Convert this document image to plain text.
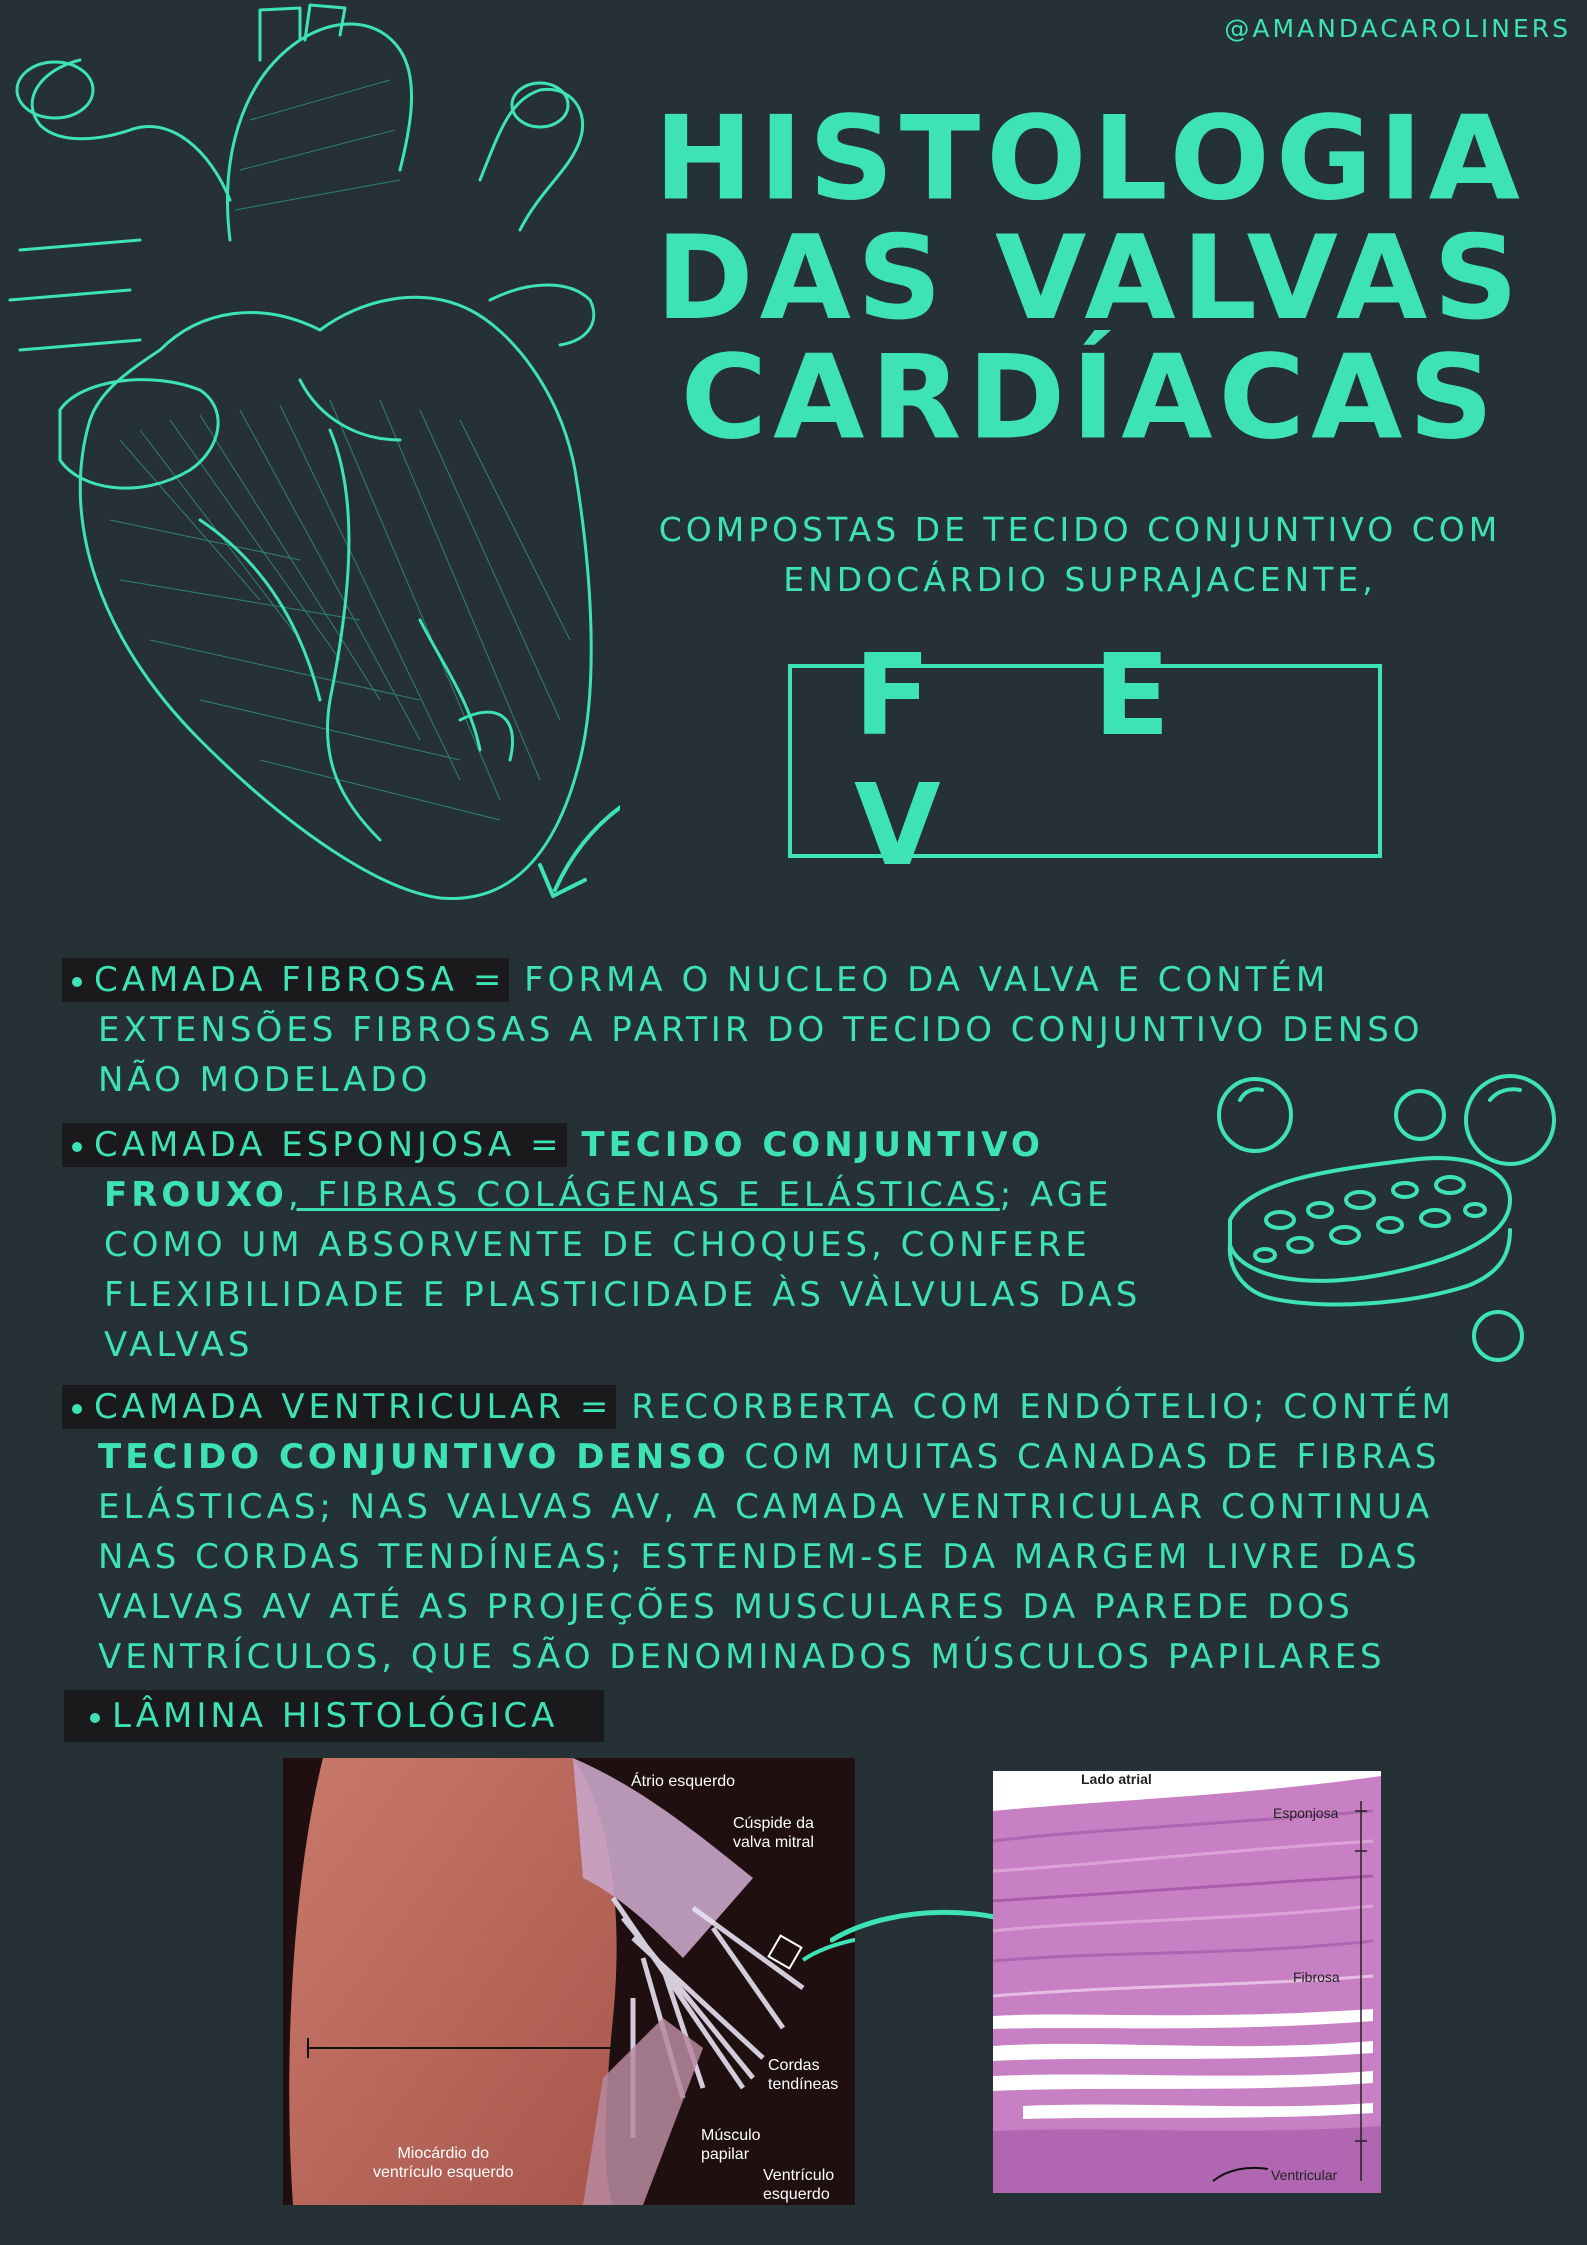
@AMANDACAROLINERS
HISTOLOGIA
DAS VALVAS
CARDÍACAS
COMPOSTAS DE TECIDO CONJUNTIVO COM
ENDOCÁRDIO SUPRAJACENTE,
F E V
CAMADA FIBROSA = FORMA O NUCLEO DA VALVA E CONTÉM
EXTENSÕES FIBROSAS A PARTIR DO TECIDO CONJUNTIVO DENSO
NÃO MODELADO
CAMADA ESPONJOSA = TECIDO CONJUNTIVO
FROUXO, FIBRAS COLÁGENAS E ELÁSTICAS; AGE
COMO UM ABSORVENTE DE CHOQUES, CONFERE
FLEXIBILIDADE E PLASTICIDADE ÀS VÀLVULAS DAS
VALVAS
CAMADA VENTRICULAR = RECORBERTA COM ENDÓTELIO; CONTÉM
TECIDO CONJUNTIVO DENSO COM MUITAS CANADAS DE FIBRAS
ELÁSTICAS; NAS VALVAS AV, A CAMADA VENTRICULAR CONTINUA
NAS CORDAS TENDÍNEAS; ESTENDEM-SE DA MARGEM LIVRE DAS
VALVAS AV ATÉ AS PROJEÇÕES MUSCULARES DA PAREDE DOS
VENTRÍCULOS, QUE SÃO DENOMINADOS MÚSCULOS PAPILARES
LÂMINA HISTOLÓGICA
Átrio esquerdo
Cúspide da
valva mitral
Cordas
tendíneas
Músculo
papilar
Ventrículo
esquerdo
Miocárdio do
ventrículo esquerdo
Lado atrial
Esponjosa
Fibrosa
Ventricular
